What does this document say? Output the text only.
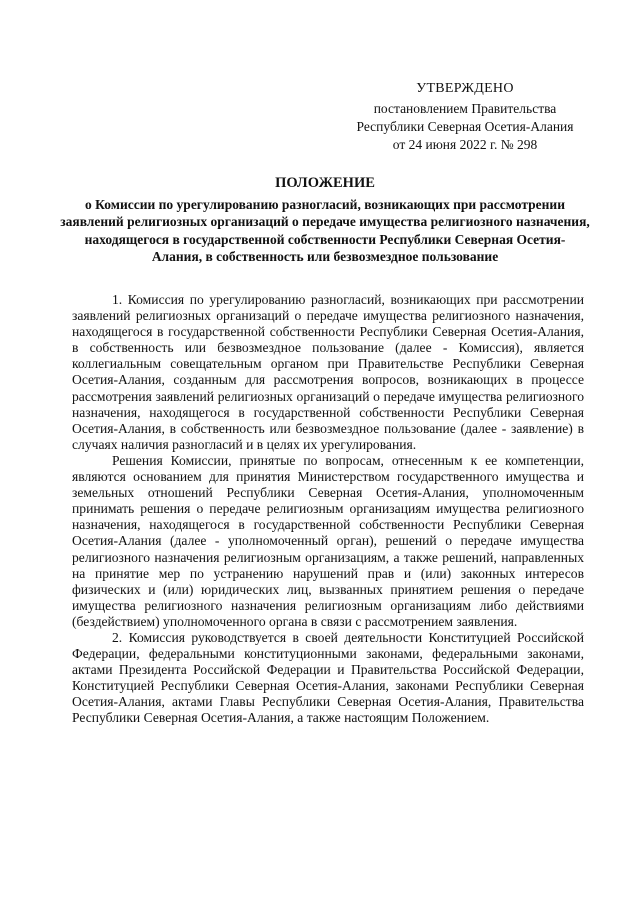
УТВЕРЖДЕНО
постановлением Правительства
Республики Северная Осетия-Алания
от 24 июня 2022 г. № 298
ПОЛОЖЕНИЕ
о Комиссии по урегулированию разногласий, возникающих при рассмотрении заявлений религиозных организаций о передаче имущества религиозного назначения, находящегося в государственной собственности Республики Северная Осетия-Алания, в собственность или безвозмездное пользование

1. Комиссия по урегулированию разногласий, возникающих при рассмотрении заявлений религиозных организаций о передаче имущества религиозного назначения, находящегося в государственной собственности Республики Северная Осетия-Алания, в собственность или безвозмездное пользование (далее - Комиссия), является коллегиальным совещательным органом при Правительстве Республики Северная Осетия-Алания, созданным для рассмотрения вопросов, возникающих в процессе рассмотрения заявлений религиозных организаций о передаче имущества религиозного назначения, находящегося в государственной собственности Республики Северная Осетия-Алания, в собственность или безвозмездное пользование (далее - заявление) в случаях наличия разногласий и в целях их урегулирования.

Решения Комиссии, принятые по вопросам, отнесенным к ее компетенции, являются основанием для принятия Министерством государственного имущества и земельных отношений Республики Северная Осетия-Алания, уполномоченным принимать решения о передаче религиозным организациям имущества религиозного назначения, находящегося в государственной собственности Республики Северная Осетия-Алания (далее - уполномоченный орган), решений о передаче имущества религиозного назначения религиозным организациям, а также решений, направленных на принятие мер по устранению нарушений прав и (или) законных интересов физических и (или) юридических лиц, вызванных принятием решения о передаче имущества религиозного назначения религиозным организациям либо действиями (бездействием) уполномоченного органа в связи с рассмотрением заявления.

2. Комиссия руководствуется в своей деятельности Конституцией Российской Федерации, федеральными конституционными законами, федеральными законами, актами Президента Российской Федерации и Правительства Российской Федерации, Конституцией Республики Северная Осетия-Алания, законами Республики Северная Осетия-Алания, актами Главы Республики Северная Осетия-Алания, Правительства Республики Северная Осетия-Алания, а также настоящим Положением.
